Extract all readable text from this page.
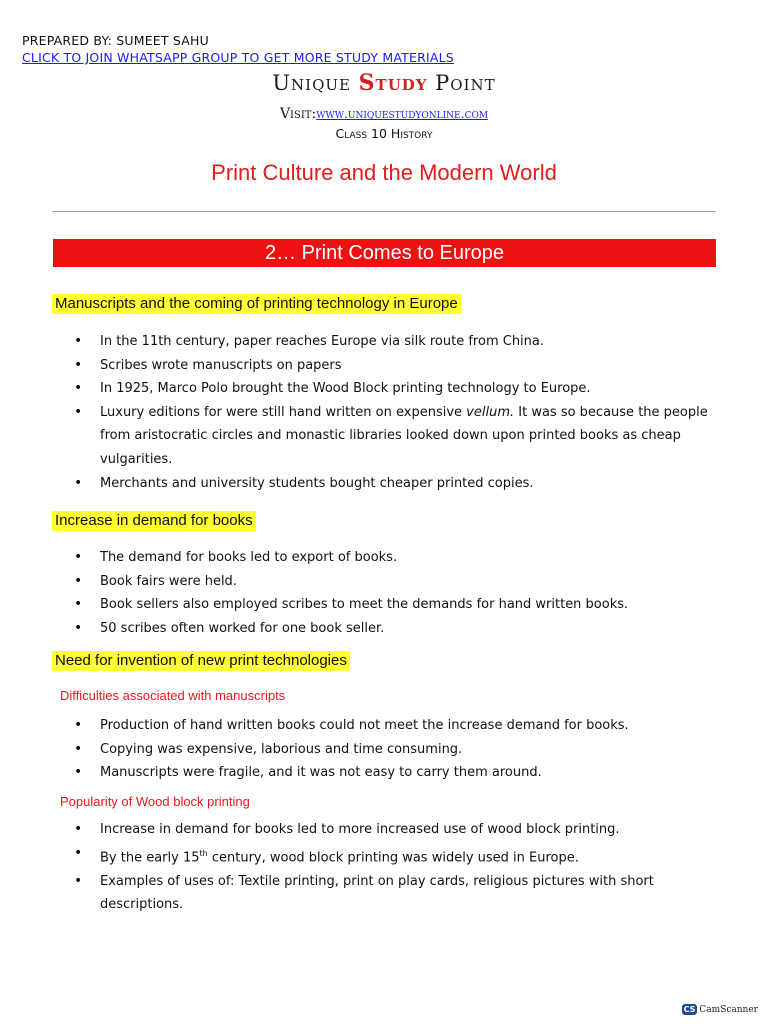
PREPARED BY: SUMEET SAHU
CLICK TO JOIN WHATSAPP GROUP TO GET MORE STUDY MATERIALS
Unique Study Point
Visit:www.uniquestudyonline.com
Class 10 History
Print Culture and the Modern World
2… Print Comes to Europe
Manuscripts and the coming of printing technology in Europe
• In the 11th century, paper reaches Europe via silk route from China.
• Scribes wrote manuscripts on papers
• In 1925, Marco Polo brought the Wood Block printing technology to Europe.
• Luxury editions for were still hand written on expensive vellum. It was so because the people from aristocratic circles and monastic libraries looked down upon printed books as cheap vulgarities.
• Merchants and university students bought cheaper printed copies.
Increase in demand for books
• The demand for books led to export of books.
• Book fairs were held.
• Book sellers also employed scribes to meet the demands for hand written books.
• 50 scribes often worked for one book seller.
Need for invention of new print technologies
Difficulties associated with manuscripts
• Production of hand written books could not meet the increase demand for books.
• Copying was expensive, laborious and time consuming.
• Manuscripts were fragile, and it was not easy to carry them around.
Popularity of Wood block printing
• Increase in demand for books led to more increased use of wood block printing.
• By the early 15th century, wood block printing was widely used in Europe.
• Examples of uses of: Textile printing, print on play cards, religious pictures with short descriptions.
CS CamScanner
